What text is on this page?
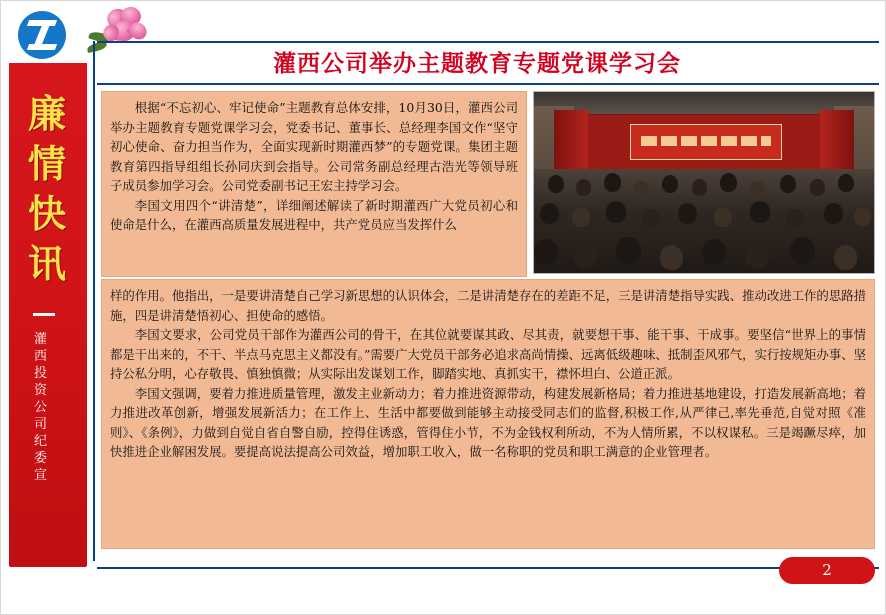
廉情快讯
灌西投资公司纪委宣
灌西公司举办主题教育专题党课学习会

根据“不忘初心、牢记使命”主题教育总体安排，10月30日，灌西公司举办主题教育专题党课学习会，党委书记、董事长、总经理李国文作“坚守初心使命、奋力担当作为，全面实现新时期灌西梦”的专题党课。集团主题教育第四指导组组长孙同庆到会指导。公司常务副总经理古浩光等领导班子成员参加学习会。公司党委副书记王宏主持学习会。

李国文用四个“讲清楚”，详细阐述解读了新时期灌西广大党员初心和使命是什么，在灌西高质量发展进程中，共产党员应当发挥什么

样的作用。他指出，一是要讲清楚自己学习新思想的认识体会，二是讲清楚存在的差距不足，三是讲清楚指导实践、推动改进工作的思路措施，四是讲清楚悟初心、担使命的感悟。

李国文要求，公司党员干部作为灌西公司的骨干，在其位就要谋其政、尽其责，就要想干事、能干事、干成事。要坚信“世界上的事情都是干出来的，不干、半点马克思主义都没有。”需要广大党员干部务必追求高尚情操、远离低级趣味、抵制歪风邪气，实行按规矩办事、坚持公私分明，心存敬畏、慎独慎微；从实际出发谋划工作，脚踏实地、真抓实干，襟怀坦白、公道正派。

李国文强调，要着力推进质量管理，激发主业新动力；着力推进资源带动，构建发展新格局；着力推进基地建设，打造发展新高地；着力推进改革创新，增强发展新活力；在工作上、生活中都要做到能够主动接受同志们的监督,积极工作,从严律己,率先垂范,自觉对照《准则》、《条例》，力做到自觉自省自警自励，控得住诱惑，管得住小节，不为金钱权利所动，不为人情所累，不以权谋私。三是竭蹶尽瘁，加快推进企业解困发展。要提高说法提高公司效益，增加职工收入，做一名称职的党员和职工满意的企业管理者。

2
